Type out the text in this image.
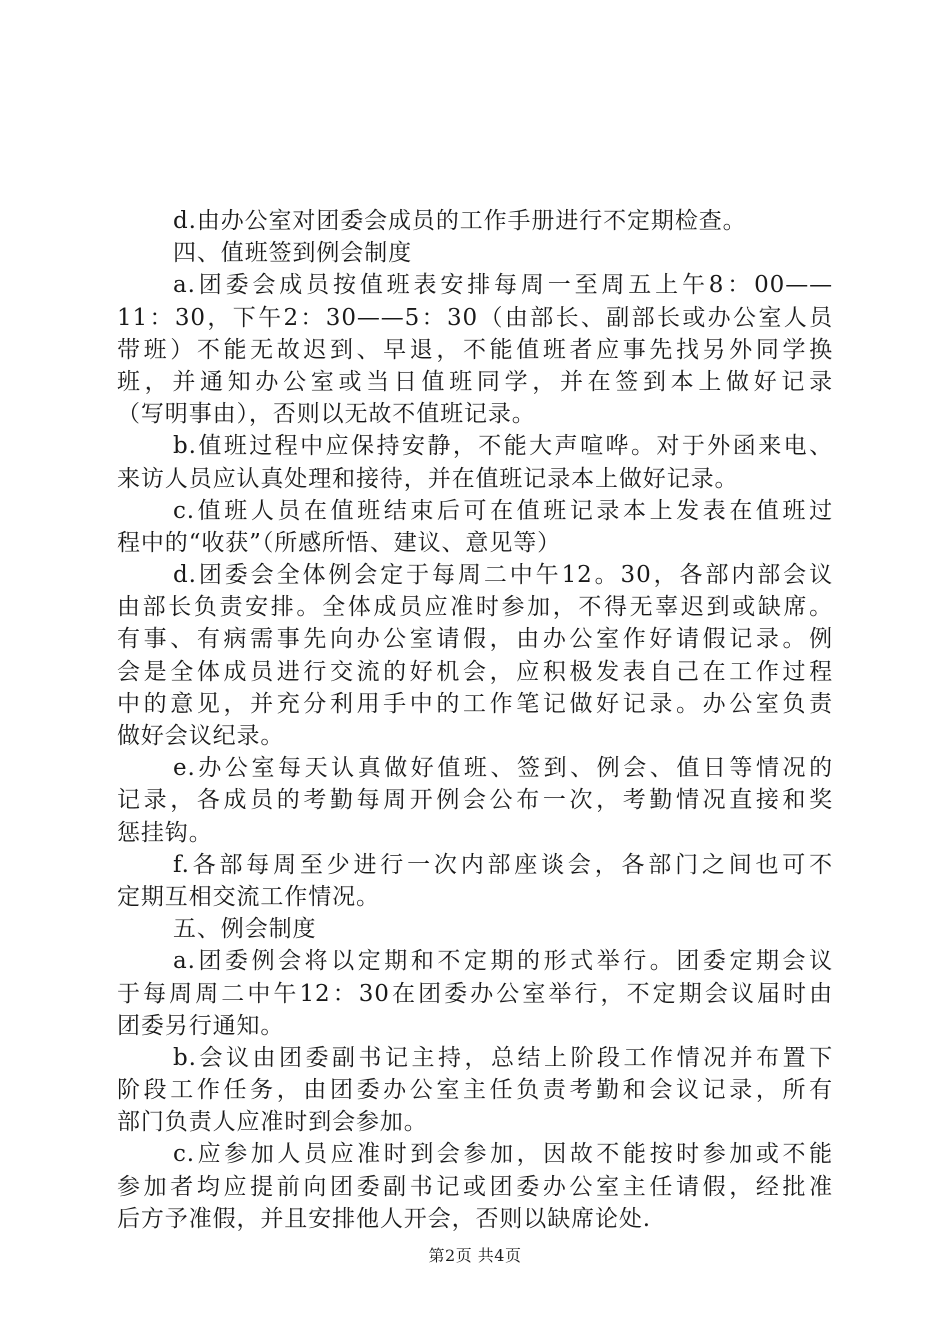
d.由办公室对团委会成员的工作手册进行不定期检查。
四、值班签到例会制度
a.团委会成员按值班表安排每周一至周五上午8：00——
11：30，下午2：30——5：30（由部长、副部长或办公室人员
带班）不能无故迟到、早退，不能值班者应事先找另外同学换
班，并通知办公室或当日值班同学，并在签到本上做好记录
（写明事由），否则以无故不值班记录。
b.值班过程中应保持安静，不能大声喧哗。对于外函来电、
来访人员应认真处理和接待，并在值班记录本上做好记录。
c.值班人员在值班结束后可在值班记录本上发表在值班过
程中的“收获”（所感所悟、建议、意见等）
d.团委会全体例会定于每周二中午12。30，各部内部会议
由部长负责安排。全体成员应准时参加，不得无辜迟到或缺席。
有事、有病需事先向办公室请假，由办公室作好请假记录。例
会是全体成员进行交流的好机会，应积极发表自己在工作过程
中的意见，并充分利用手中的工作笔记做好记录。办公室负责
做好会议纪录。
e.办公室每天认真做好值班、签到、例会、值日等情况的
记录，各成员的考勤每周开例会公布一次，考勤情况直接和奖
惩挂钩。
f.各部每周至少进行一次内部座谈会，各部门之间也可不
定期互相交流工作情况。
五、例会制度
a.团委例会将以定期和不定期的形式举行。团委定期会议
于每周周二中午12：30在团委办公室举行，不定期会议届时由
团委另行通知。
b.会议由团委副书记主持，总结上阶段工作情况并布置下
阶段工作任务，由团委办公室主任负责考勤和会议记录，所有
部门负责人应准时到会参加。
c.应参加人员应准时到会参加，因故不能按时参加或不能
参加者均应提前向团委副书记或团委办公室主任请假，经批准
后方予准假，并且安排他人开会，否则以缺席论处.
第2页 共4页
